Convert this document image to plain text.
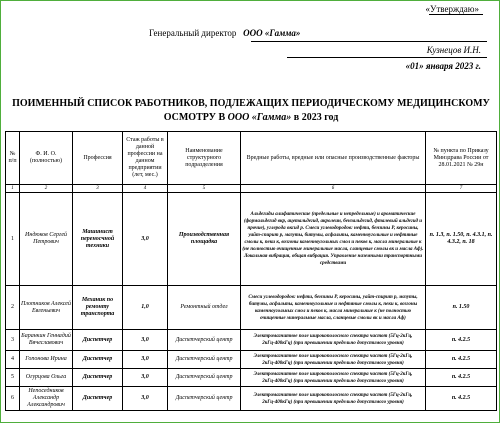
«Утверждаю»
Генеральный директор ООО «Гамма»
Кузнецов И.Н.
«01» января 2023 г.
ПОИМЕННЫЙ СПИСОК РАБОТНИКОВ, ПОДЛЕЖАЩИХ ПЕРИОДИЧЕСКОМУ МЕДИЦИНСКОМУ
ОСМОТРУ В ООО «Гамма» в 2023 год
№ п/п	Ф. И. О. (полностью)	Профессия	Стаж работы в данной профессии на данном предприятии (лет, мес.)	Наименование структурного подразделения	Вредные работы, вредные или опасные производственные факторы	№ пункта по Приказу Минздрава России от 28.01.2021 № 29н
1	2	3	4	5	6	7
1	Индюков Сергей Петрович	Машинист переносчной техники	3,0	Производственная площадка	Альдегиды алифатические (предельные и непредельные) и ароматические (формальдегид вкр, ацетальдегид, акролеин, бензальдегид, фталевый альдегид и прочие), углерода оксид р. Смеси углеводородов: нефти, бензины Р, керосины, уайт-спирит р, мазуты, битумы, асфальты, каменноугольные и нефтяные смолы к, пеки к, возгоны каменноугольных смол и пеков к, масла минеральные к (не полностью очищенные минеральные масла, сланцевые смолы вк и масла Аф). Локальная вибрация, общая вибрация. Управление наземными транспортными средствами	п. 1.3, п. 1.50, п. 4.3.1, п. 4.3.2, п. 18
2	Плотников Алексей Евгеньевич	Механик по ремонту транспорта	1,0	Ремонтный отдел	Смеси углеводородов: нефти, бензины Р, керосины, уайт-спирит р, мазуты, битумы, асфальты, каменноугольные и нефтяные смолы к, пеки к, возгоны каменноугольных смол и пеков к, масла минеральные к (не полностью очищенные минеральные масла, сланцевые смолы вк и масла Аф)	п. 1.50
3	Баранкин Геннадий Вячеславович	Диспетчер	3,0	Диспетчерский центр	Электромагнитное поле широкополосного спектра частот (5Гц-2кГц, 2кГц-400кГц) (при превышении предельно допустимого уровня)	п. 4.2.5
4	Гопонова Ирина	Диспетчер	3,0	Диспетчерский центр	Электромагнитное поле широкополосного спектра частот (5Гц-2кГц, 2кГц-400кГц) (при превышении предельно допустимого уровня)	п. 4.2.5
5	Огурцова Ольга	Диспетчер	3,0	Диспетчерский центр	Электромагнитное поле широкополосного спектра частот (5Гц-2кГц, 2кГц-400кГц) (при превышении предельно допустимого уровня)	п. 4.2.5
6	Непоседников Александр Александрович	Диспетчер	3,0	Диспетчерский центр	Электромагнитное поле широкополосного спектра частот (5Гц-2кГц, 2кГц-400кГц) (при превышении предельно допустимого уровня)	п. 4.2.5
